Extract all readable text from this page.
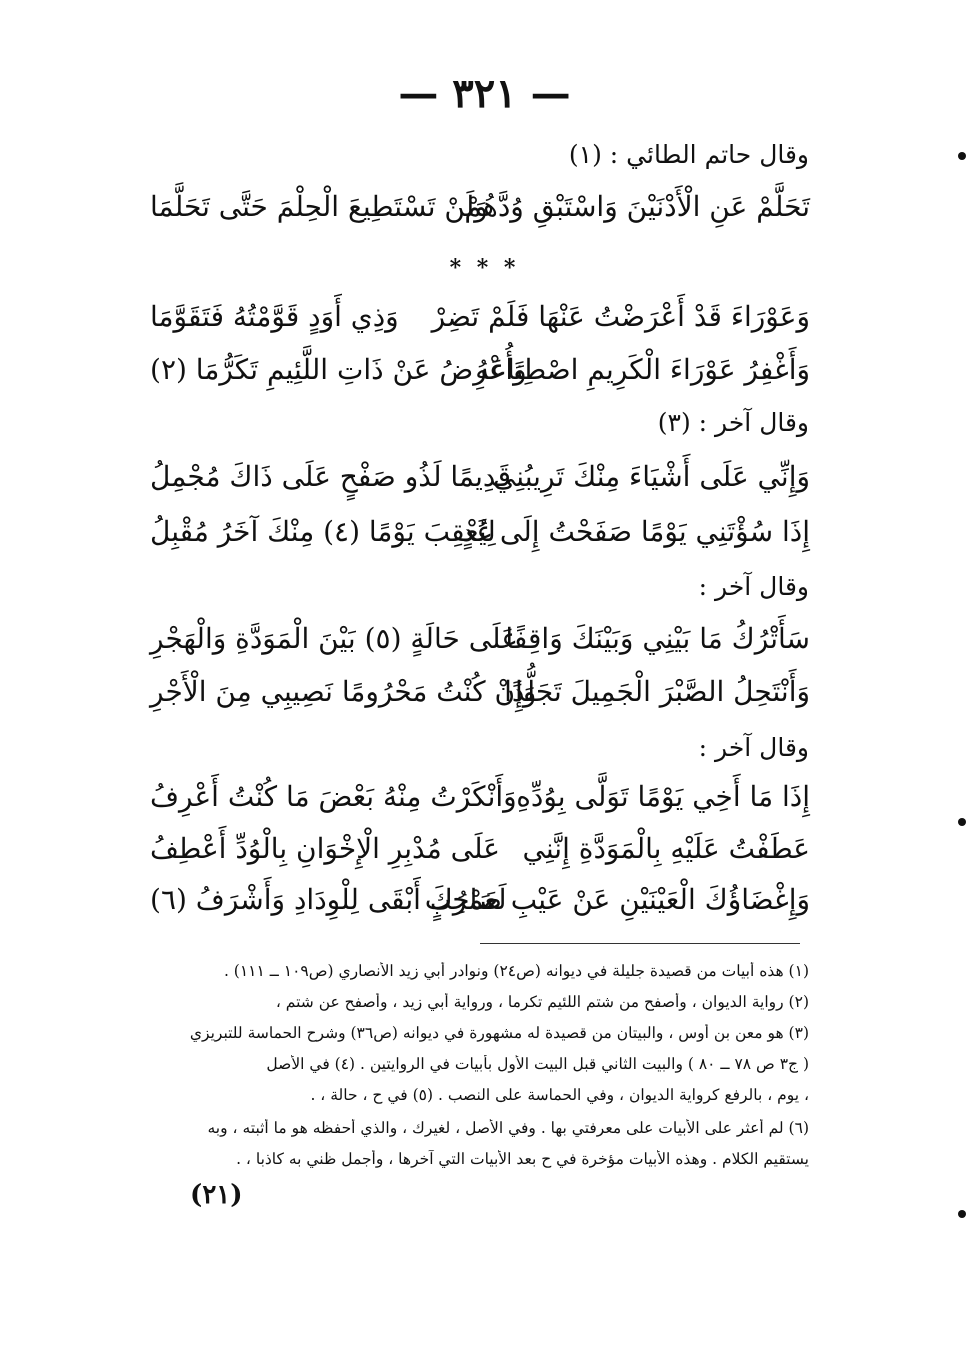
— ٣٢١ —
وقال حاتم الطائي : (١)
تَحَلَّمْ عَنِ الْأَدْنَيْنَ وَاسْتَبْقِ وُدَّهُمْ
وَلَنْ تَسْتَطِيعَ الْحِلْمَ حَتَّى تَحَلَّمَا
* * *
وَعَوْرَاءَ قَدْ أَعْرَضْتُ عَنْهَا فَلَمْ تَضِرْ
وَذِي أَوَدٍ قَوَّمْتُهُ فَتَقَوَّمَا
وَأَغْفِرُ عَوْرَاءَ الْكَرِيمِ اصْطِنَاعَهُ
وَأُعْرِضُ عَنْ ذَاتِ اللَّئِيمِ تَكَرُّمَا (٢)
وقال آخر : (٣)
وَإِنِّي عَلَى أَشْيَاءَ مِنْكَ تَرِيبُنِي
قَدِيمًا لَذُو صَفْحٍ عَلَى ذَاكَ مُجْمِلُ
إِذَا سُؤْتَنِي يَوْمًا صَفَحْتُ إِلَى غَدٍ
لِيُعْقِبَ يَوْمًا (٤) مِنْكَ آخَرُ مُقْبِلُ
وقال آخر :
سَأَتْرُكُ مَا بَيْنِي وَبَيْنَكَ وَاقِفًا
عَلَى حَالَةٍ (٥) بَيْنَ الْمَوَدَّةِ وَالْهَجْرِ
وَأَنْتَحِلُ الصَّبْرَ الْجَمِيلَ تَجَلُّدًا
وَإِنْ كُنْتُ مَحْرُومًا نَصِيبِي مِنَ الْأَجْرِ
وقال آخر :
إِذَا مَا أَخِي يَوْمًا تَوَلَّى بِوُدِّهِ
وَأَنْكَرْتُ مِنْهُ بَعْضَ مَا كُنْتُ أَعْرِفُ
عَطَفْتُ عَلَيْهِ بِالْمَوَدَّةِ إِنَّنِي
عَلَى مُدْبِرِ الْإِخْوَانِ بِالْوُدِّ أَعْطِفُ
وَإِغْضَاؤُكَ الْعَيْنَيْنِ عَنْ عَيْبِ صَاحِبٍ
لَعَمْرُكَ أَبْقَى لِلْوِدَادِ وَأَشْرَفُ (٦)
(١) هذه أبيات من قصيدة جليلة في ديوانه (ص٢٤) ونوادر أبي زيد الأنصاري (ص١٠٩ ــ ١١١) .
(٢) رواية الديوان ، وأصفح من شتم اللئيم تكرما ، ورواية أبي زيد ، وأصفح عن شتم ،
(٣) هو معن بن أوس ، والبيتان من قصيدة له مشهورة في ديوانه (ص٣٦) وشرح الحماسة للتبريزي
( ج٣ ص ٧٨ ــ ٨٠ ) والبيت الثاني قبل البيت الأول بأبيات في الروايتين . (٤) في الأصل
، يوم ، بالرفع كرواية الديوان ، وفي الحماسة على النصب . (٥) في ح ، حالة ، .
(٦) لم أعثر على الأبيات على معرفتي بها . وفي الأصل ، لغيرك ، والذي أحفظه هو ما أثبته ، وبه
يستقيم الكلام . وهذه الأبيات مؤخرة في ح بعد الأبيات التي آخرها ، وأجمل ظني به كاذبا ، .
(٢١)
